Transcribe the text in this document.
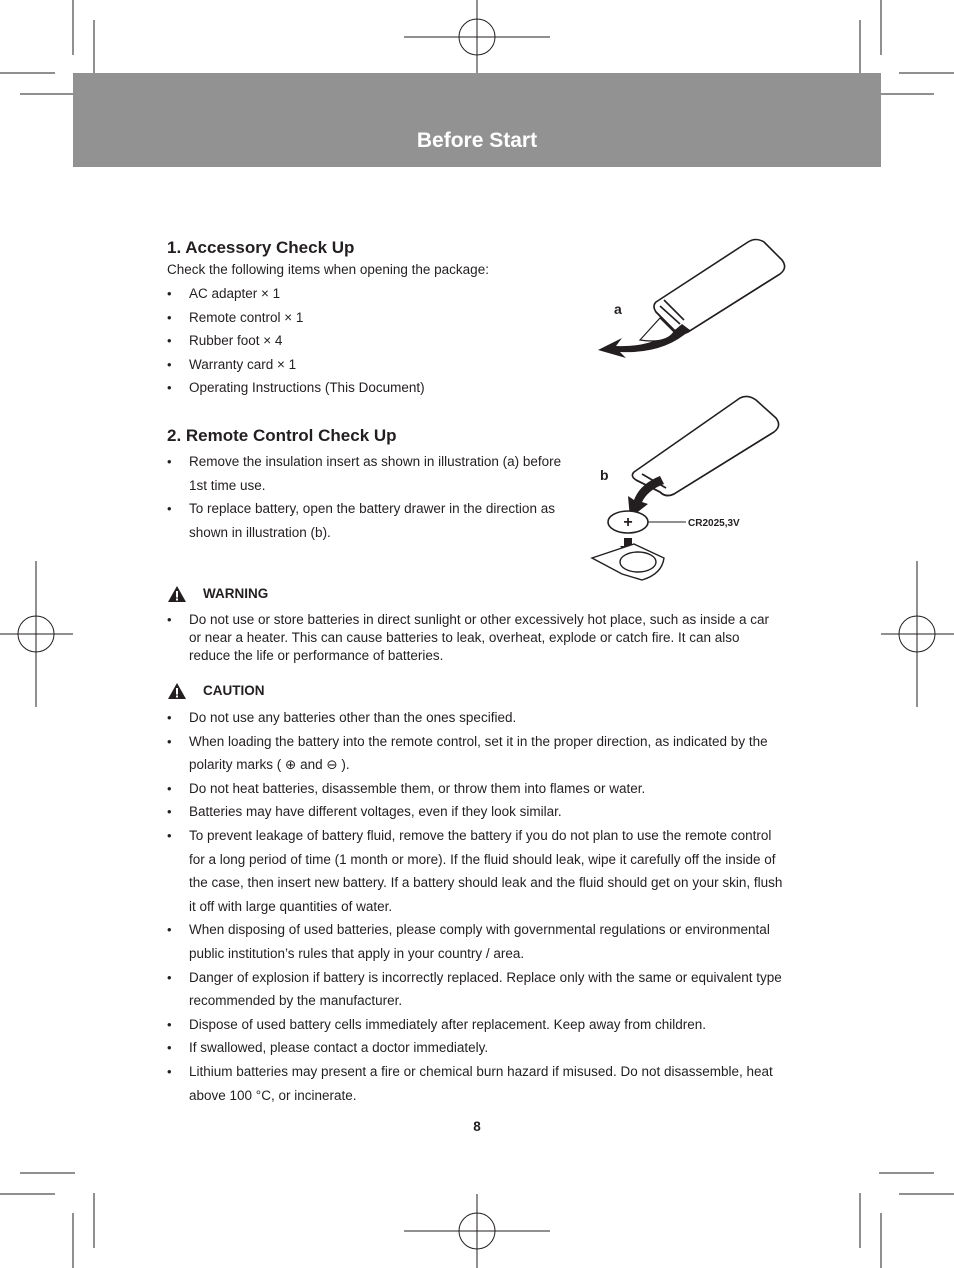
Before Start
1. Accessory Check Up

Check the following items when opening the package:

• AC adapter × 1
• Remote control × 1
• Rubber foot × 4
• Warranty card × 1
• Operating Instructions (This Document)
a
2. Remote Control Check Up
• Remove the insulation insert as shown in illustration (a) before 1st time use.
• To replace battery, open the battery drawer in the direction as shown in illustration (b).
+	CR2025,3V
b
WARNING
• Do not use or store batteries in direct sunlight or other excessively hot place, such as inside a car or near a heater. This can cause batteries to leak, overheat, explode or catch fire. It can also reduce the life or performance of batteries.
CAUTION
• Do not use any batteries other than the ones specified.
• When loading the battery into the remote control, set it in the proper direction, as indicated by the polarity marks ( ⊕ and ⊖ ).
• Do not heat batteries, disassemble them, or throw them into flames or water.
• Batteries may have different voltages, even if they look similar.
• To prevent leakage of battery fluid, remove the battery if you do not plan to use the remote control for a long period of time (1 month or more). If the fluid should leak, wipe it carefully off the inside of the case, then insert new battery. If a battery should leak and the fluid should get on your skin, flush it off with large quantities of water.
• When disposing of used batteries, please comply with governmental regulations or environmental public institution’s rules that apply in your country / area.
• Danger of explosion if battery is incorrectly replaced. Replace only with the same or equivalent type recommended by the manufacturer.
• Dispose of used battery cells immediately after replacement. Keep away from children.
• If swallowed, please contact a doctor immediately.
• Lithium batteries may present a fire or chemical burn hazard if misused. Do not disassemble, heat above 100 °C, or incinerate.
8
